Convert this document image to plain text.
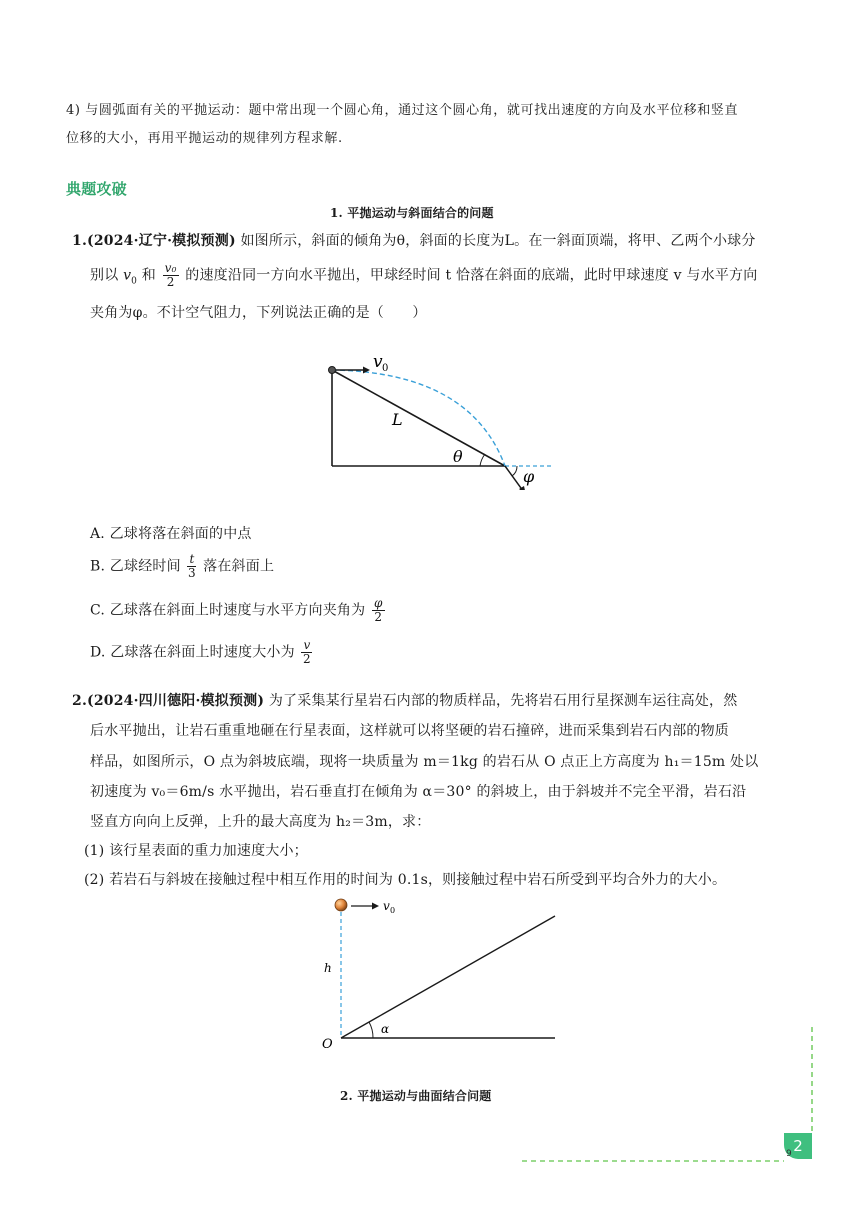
4) 与圆弧面有关的平抛运动：题中常出现一个圆心角，通过这个圆心角，就可找出速度的方向及水平位移和竖直
位移的大小，再用平抛运动的规律列方程求解.
典题攻破
1. 平抛运动与斜面结合的问题
1.(2024·辽宁·模拟预测) 如图所示，斜面的倾角为θ，斜面的长度为L。在一斜面顶端，将甲、乙两个小球分
别以 $v_0$ 和 $\frac{\text{v₀}}{2}$ 的速度沿同一方向水平抛出，甲球经时间 t 恰落在斜面的底端，此时甲球速度 v 与水平方向
夹角为φ。不计空气阻力，下列说法正确的是（　　）
v 0
L
θ
φ
A. 乙球将落在斜面的中点
B. 乙球经时间 $\frac{t}{3}$ 落在斜面上
C. 乙球落在斜面上时速度与水平方向夹角为 $\frac{\varphi}{2}$
D. 乙球落在斜面上时速度大小为 $\frac{v}{2}$
2.(2024·四川德阳·模拟预测) 为了采集某行星岩石内部的物质样品，先将岩石用行星探测车运往高处，然
后水平抛出，让岩石重重地砸在行星表面，这样就可以将坚硬的岩石撞碎，进而采集到岩石内部的物质
样品，如图所示，O 点为斜坡底端，现将一块质量为 m＝1kg 的岩石从 O 点正上方高度为 h₁＝15m 处以
初速度为 v₀＝6m/s 水平抛出，岩石垂直打在倾角为 α＝30° 的斜坡上，由于斜坡并不完全平滑，岩石沿
竖直方向向上反弹，上升的最大高度为 h₂＝3m，求：
(1) 该行星表面的重力加速度大小；
(2) 若岩石与斜坡在接触过程中相互作用的时间为 0.1s，则接触过程中岩石所受到平均合外力的大小。
v 0
h
O
α
2. 平抛运动与曲面结合问题
2
9
